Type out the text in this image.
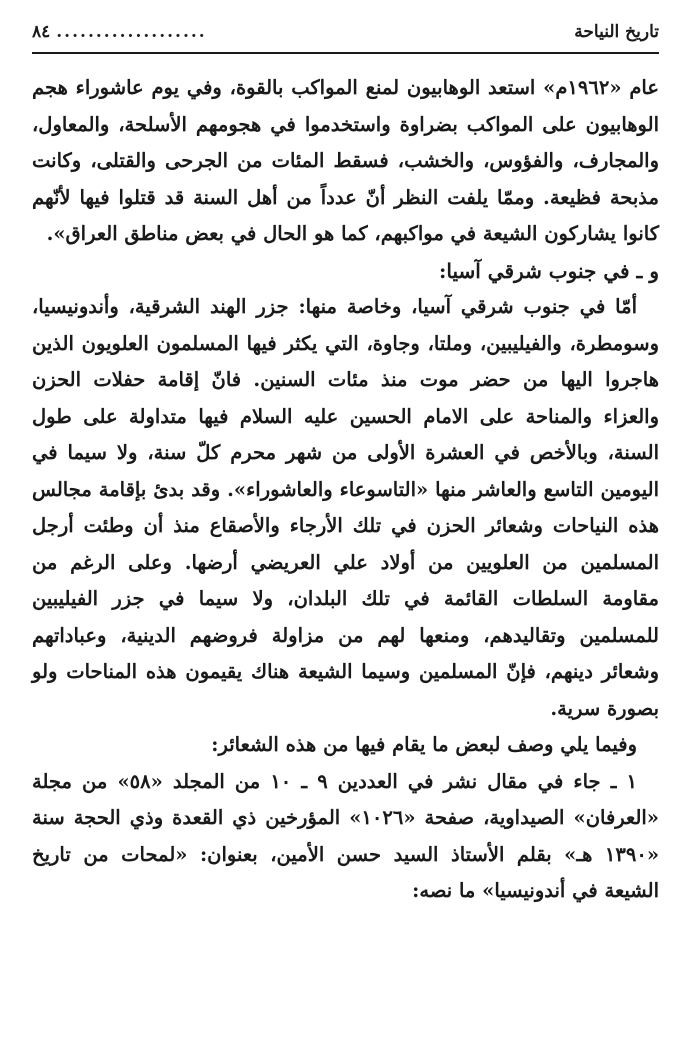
تاريخ النياحة
...................
٨٤

عام «١٩٦٢م» استعد الوهابيون لمنع المواكب بالقوة، وفي يوم عاشوراء هجم الوهابيون على المواكب بضراوة واستخدموا في هجومهم الأسلحة، والمعاول، والمجارف، والفؤوس، والخشب، فسقط المئات من الجرحى والقتلى، وكانت مذبحة فظيعة. وممّا يلفت النظر أنّ عدداً من أهل السنة قد قتلوا فيها لأنّهم كانوا يشاركون الشيعة في مواكبهم، كما هو الحال في بعض مناطق العراق».

و ـ في جنوب شرقي آسيا:

أمّا في جنوب شرقي آسيا، وخاصة منها: جزر الهند الشرقية، وأندونيسيا، وسومطرة، والفيليبين، وملتا، وجاوة، التي يكثر فيها المسلمون العلويون الذين هاجروا اليها من حضر موت منذ مئات السنين. فانّ إقامة حفلات الحزن والعزاء والمناحة على الامام الحسين عليه السلام فيها متداولة على طول السنة، وبالأخص في العشرة الأولى من شهر محرم كلّ سنة، ولا سيما في اليومين التاسع والعاشر منها «التاسوعاء والعاشوراء». وقد بدئ بإقامة مجالس هذه النياحات وشعائر الحزن في تلك الأرجاء والأصقاع منذ أن وطئت أرجل المسلمين من العلويين من أولاد علي العريضي أرضها. وعلى الرغم من مقاومة السلطات القائمة في تلك البلدان، ولا سيما في جزر الفيليبين للمسلمين وتقاليدهم، ومنعها لهم من مزاولة فروضهم الدينية، وعباداتهم وشعائر دينهم، فإنّ المسلمين وسيما الشيعة هناك يقيمون هذه المناحات ولو بصورة سرية.

وفيما يلي وصف لبعض ما يقام فيها من هذه الشعائر:

١ ـ جاء في مقال نشر في العددين ٩ ـ ١٠ من المجلد «٥٨» من مجلة «العرفان» الصيداوية، صفحة «١٠٢٦» المؤرخين ذي القعدة وذي الحجة سنة «١٣٩٠ هـ» بقلم الأستاذ السيد حسن الأمين، بعنوان: «لمحات من تاريخ الشيعة في أندونيسيا» ما نصه:
